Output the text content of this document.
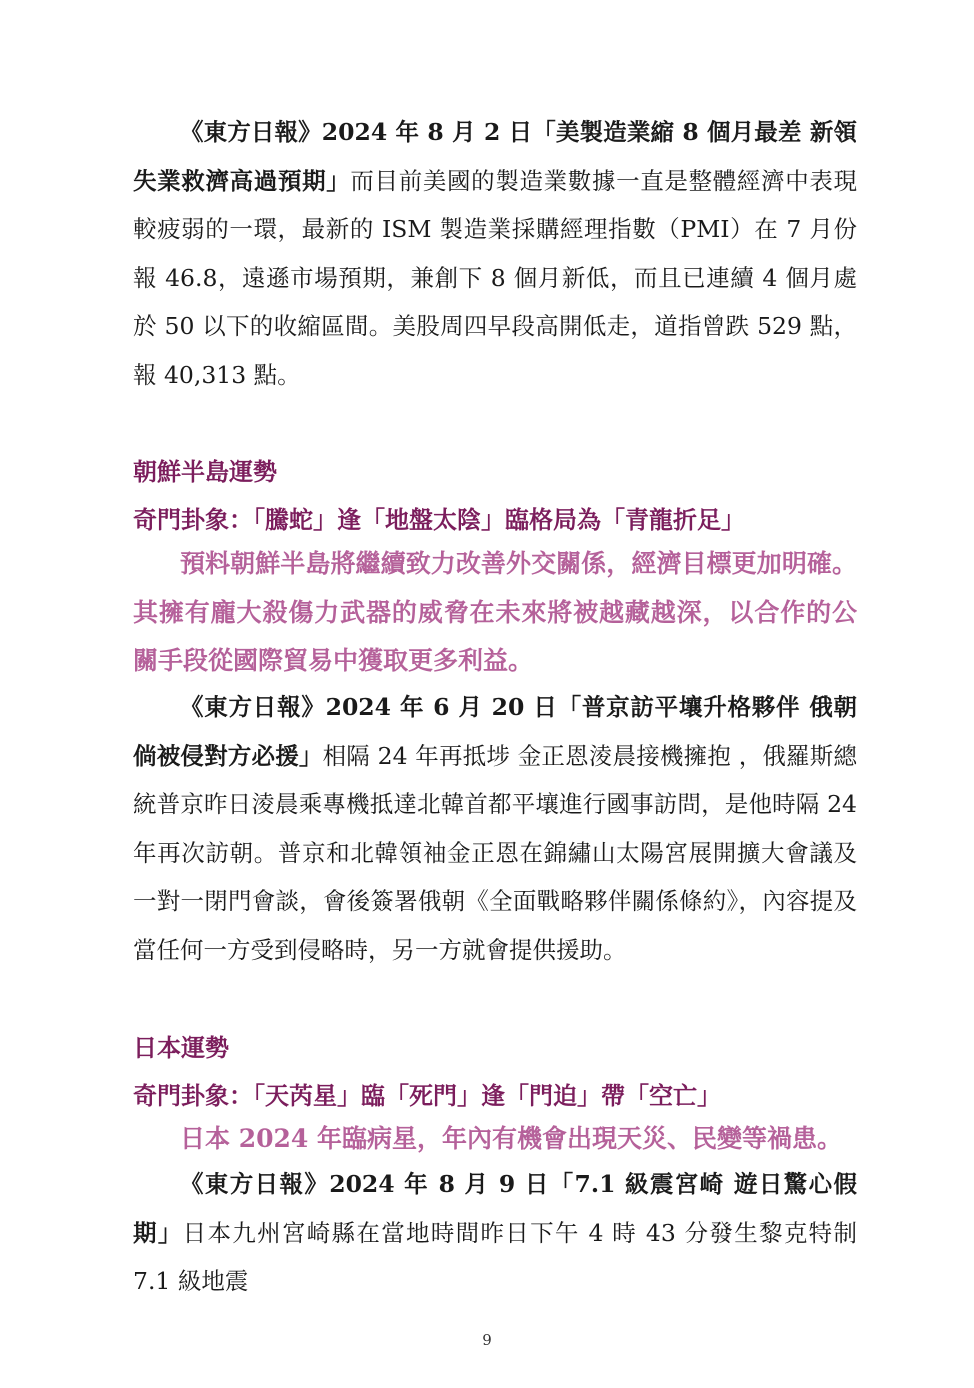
《東方日報》2024 年 8 月 2 日「美製造業縮 8 個月最差 新領失業救濟高過預期」而目前美國的製造業數據一直是整體經濟中表現較疲弱的一環，最新的 ISM 製造業採購經理指數（PMI）在 7 月份報 46.8，遠遜市場預期，兼創下 8 個月新低，而且已連續 4 個月處於 50 以下的收縮區間。美股周四早段高開低走，道指曾跌 529 點，報 40,313 點。

朝鮮半島運勢
奇門卦象：「騰蛇」逢「地盤太陰」臨格局為「青龍折足」

預料朝鮮半島將繼續致力改善外交關係，經濟目標更加明確。其擁有龐大殺傷力武器的威脅在未來將被越藏越深，以合作的公關手段從國際貿易中獲取更多利益。

《東方日報》2024 年 6 月 20 日「普京訪平壤升格夥伴 俄朝倘被侵對方必援」相隔 24 年再抵埗 金正恩淩晨接機擁抱 ，俄羅斯總統普京昨日淩晨乘專機抵達北韓首都平壤進行國事訪問，是他時隔 24 年再次訪朝。普京和北韓領袖金正恩在錦繡山太陽宮展開擴大會議及一對一閉門會談，會後簽署俄朝《全面戰略夥伴關係條約》，內容提及當任何一方受到侵略時，另一方就會提供援助。

日本運勢
奇門卦象：「天芮星」臨「死門」逢「門迫」帶「空亡」

日本 2024 年臨病星，年內有機會出現天災、民變等禍患。

《東方日報》2024 年 8 月 9 日「7.1 級震宮崎 遊日驚心假期」日本九州宮崎縣在當地時間昨日下午 4 時 43 分發生黎克特制 7.1 級地震

9
